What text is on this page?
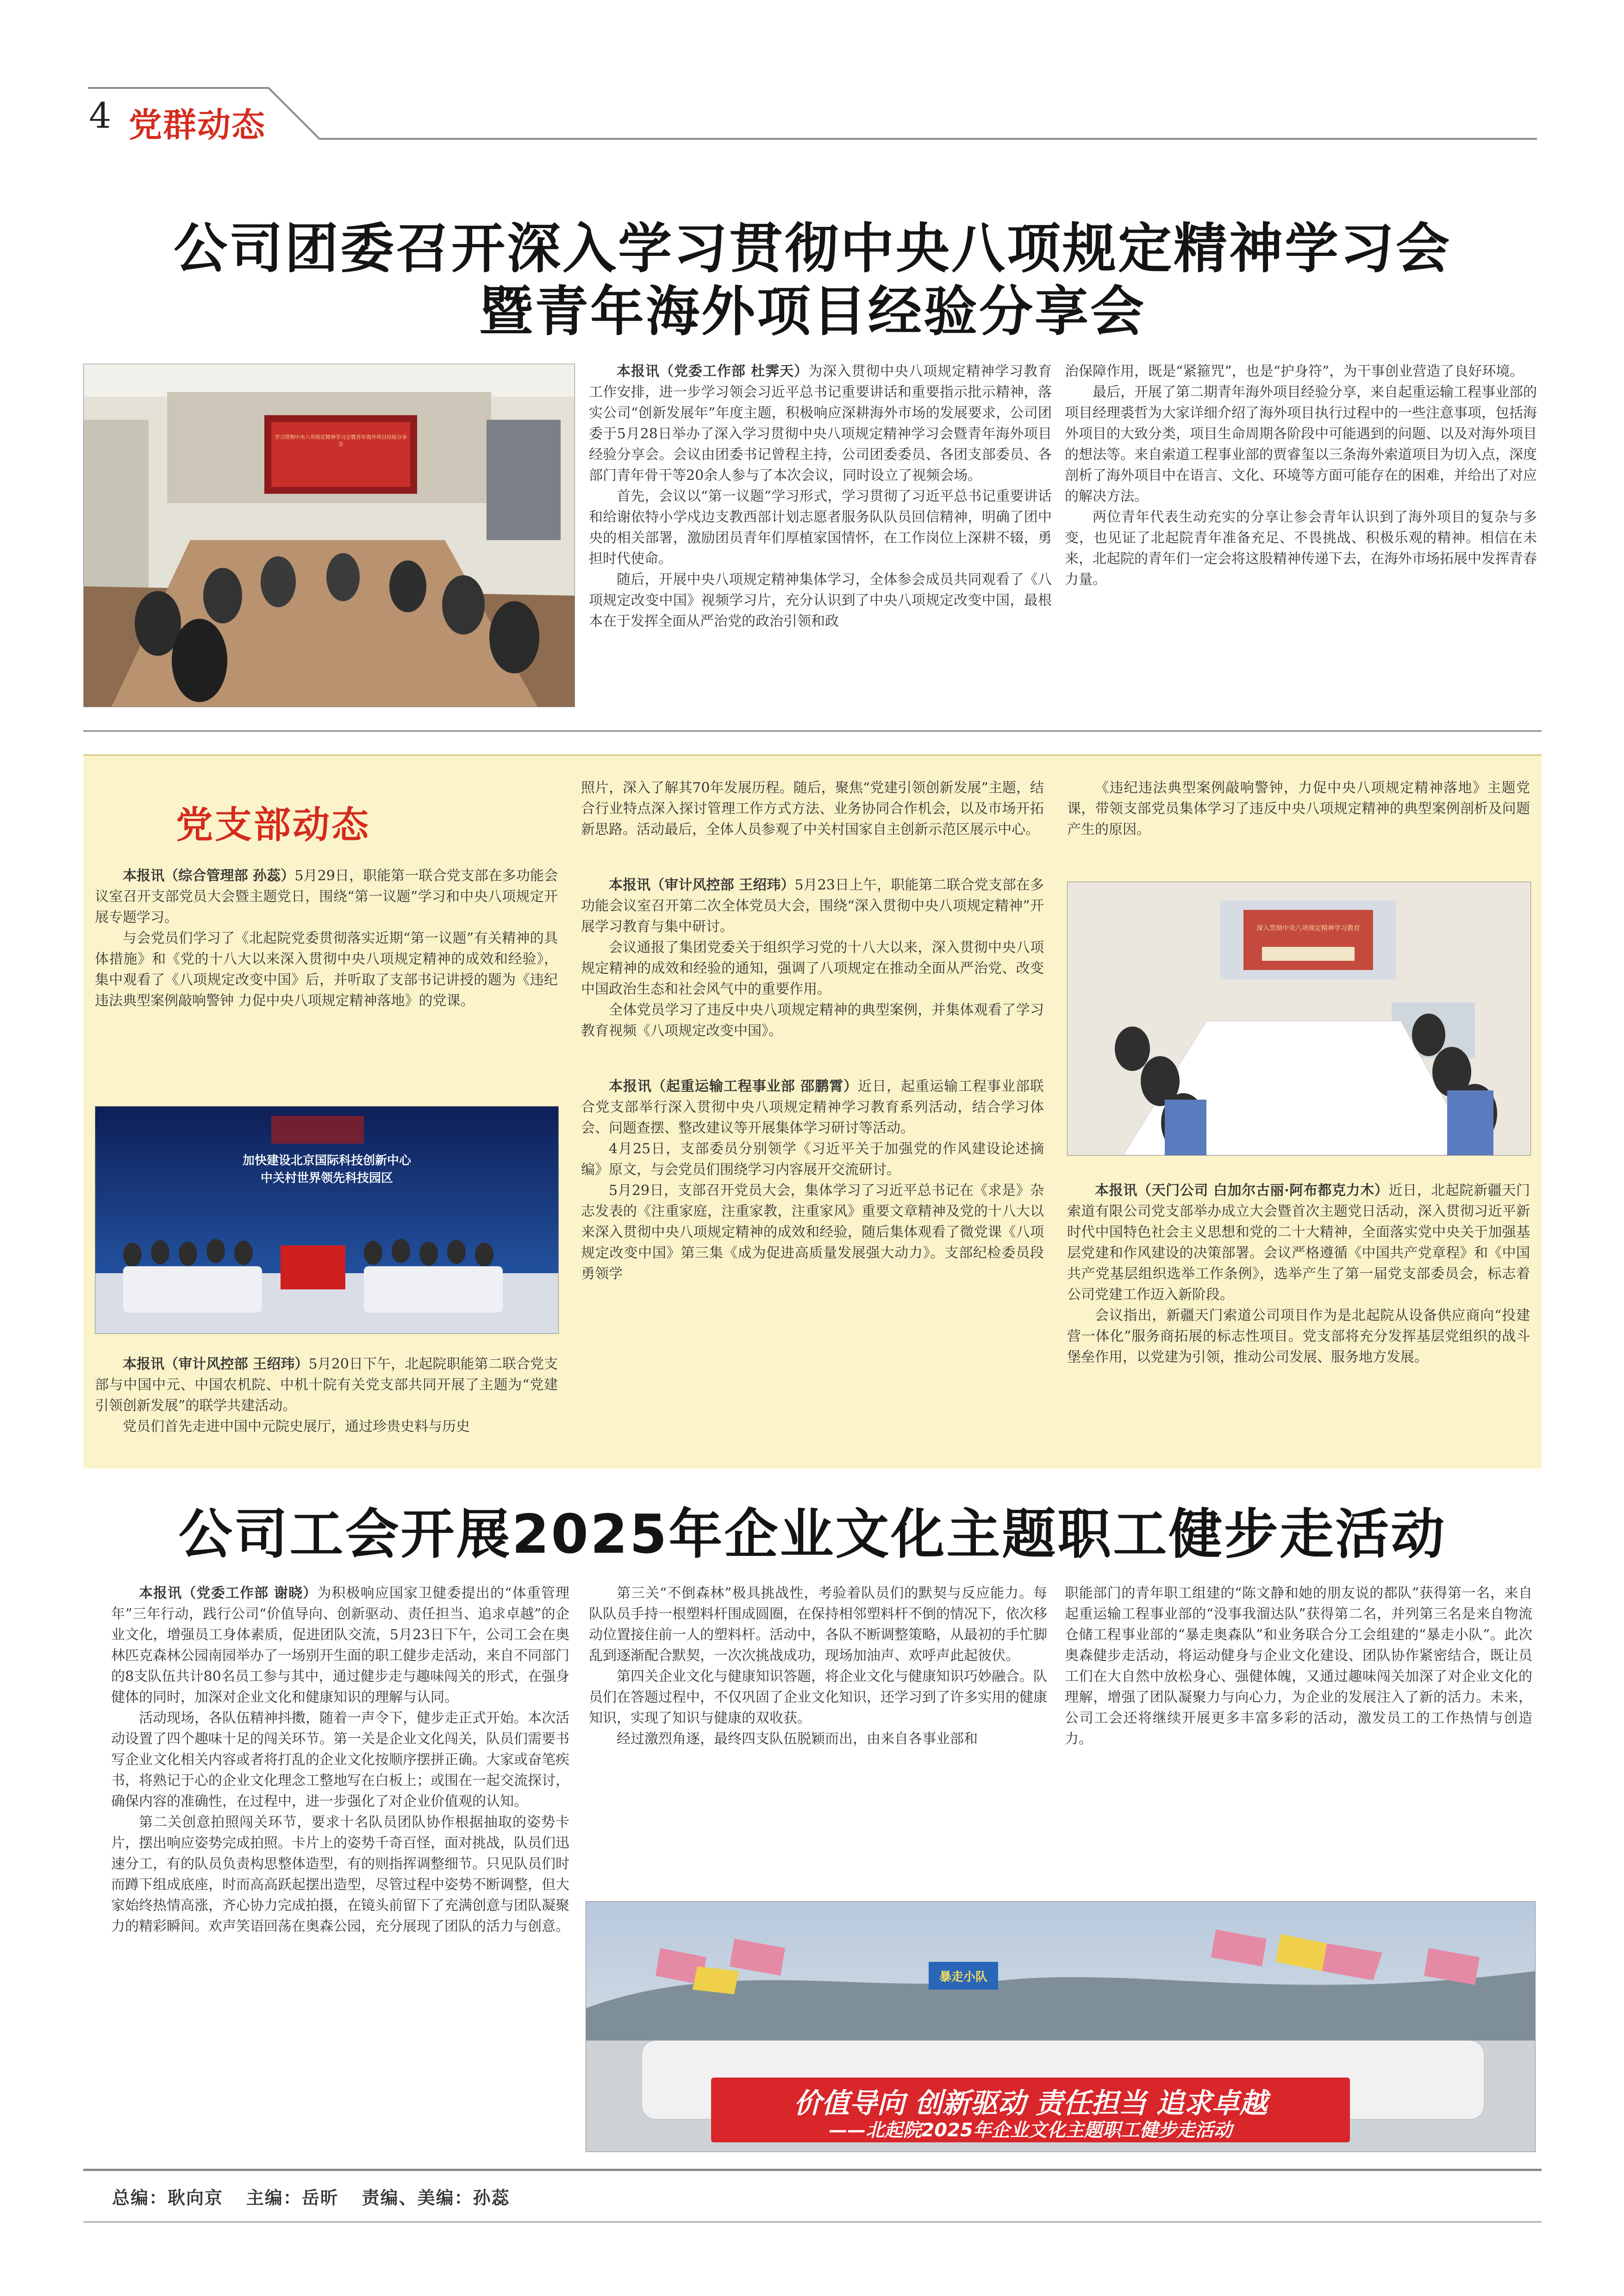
4 党群动态

公司团委召开深入学习贯彻中央八项规定精神学习会

暨青年海外项目经验分享会

学习贯彻中央八项规定精神学习会暨青年海外项目经验分享会

本报讯（党委工作部 杜霁天）为深入贯彻中央八项规定精神学习教育工作安排，进一步学习领会习近平总书记重要讲话和重要指示批示精神，落实公司“创新发展年”年度主题，积极响应深耕海外市场的发展要求，公司团委于5月28日举办了深入学习贯彻中央八项规定精神学习会暨青年海外项目经验分享会。会议由团委书记曾程主持，公司团委委员、各团支部委员、各部门青年骨干等20余人参与了本次会议，同时设立了视频会场。

首先，会议以“第一议题”学习形式，学习贯彻了习近平总书记重要讲话和给谢依特小学戍边支教西部计划志愿者服务队队员回信精神，明确了团中央的相关部署，激励团员青年们厚植家国情怀，在工作岗位上深耕不辍，勇担时代使命。

随后，开展中央八项规定精神集体学习，全体参会成员共同观看了《八项规定改变中国》视频学习片，充分认识到了中央八项规定改变中国，最根本在于发挥全面从严治党的政治引领和政

治保障作用，既是“紧箍咒”，也是“护身符”，为干事创业营造了良好环境。

最后，开展了第二期青年海外项目经验分享，来自起重运输工程事业部的项目经理裘哲为大家详细介绍了海外项目执行过程中的一些注意事项，包括海外项目的大致分类，项目生命周期各阶段中可能遇到的问题、以及对海外项目的想法等。来自索道工程事业部的贾睿玺以三条海外索道项目为切入点，深度剖析了海外项目中在语言、文化、环境等方面可能存在的困难，并给出了对应的解决方法。

两位青年代表生动充实的分享让参会青年认识到了海外项目的复杂与多变，也见证了北起院青年准备充足、不畏挑战、积极乐观的精神。相信在未来，北起院的青年们一定会将这股精神传递下去，在海外市场拓展中发挥青春力量。

党支部动态

本报讯（综合管理部 孙蕊）5月29日，职能第一联合党支部在多功能会议室召开支部党员大会暨主题党日，围绕“第一议题”学习和中央八项规定开展专题学习。

与会党员们学习了《北起院党委贯彻落实近期“第一议题”有关精神的具体措施》和《党的十八大以来深入贯彻中央八项规定精神的成效和经验》，集中观看了《八项规定改变中国》后，并听取了支部书记讲授的题为《违纪违法典型案例敲响警钟 力促中央八项规定精神落地》的党课。

加快建设北京国际科技创新中心
中关村世界领先科技园区

本报讯（审计风控部 王绍玮）5月20日下午，北起院职能第二联合党支部与中国中元、中国农机院、中机十院有关党支部共同开展了主题为“党建引领创新发展”的联学共建活动。

党员们首先走进中国中元院史展厅，通过珍贵史料与历史

照片，深入了解其70年发展历程。随后，聚焦“党建引领创新发展”主题，结合行业特点深入探讨管理工作方式方法、业务协同合作机会，以及市场开拓新思路。活动最后，全体人员参观了中关村国家自主创新示范区展示中心。

本报讯（审计风控部 王绍玮）5月23日上午，职能第二联合党支部在多功能会议室召开第二次全体党员大会，围绕“深入贯彻中央八项规定精神”开展学习教育与集中研讨。

会议通报了集团党委关于组织学习党的十八大以来，深入贯彻中央八项规定精神的成效和经验的通知，强调了八项规定在推动全面从严治党、改变中国政治生态和社会风气中的重要作用。

全体党员学习了违反中央八项规定精神的典型案例，并集体观看了学习教育视频《八项规定改变中国》。

本报讯（起重运输工程事业部 邵鹏霄）近日，起重运输工程事业部联合党支部举行深入贯彻中央八项规定精神学习教育系列活动，结合学习体会、问题查摆、整改建议等开展集体学习研讨等活动。

4月25日，支部委员分别领学《习近平关于加强党的作风建设论述摘编》原文，与会党员们围绕学习内容展开交流研讨。

5月29日，支部召开党员大会，集体学习了习近平总书记在《求是》杂志发表的《注重家庭，注重家教，注重家风》重要文章精神及党的十八大以来深入贯彻中央八项规定精神的成效和经验，随后集体观看了微党课《八项规定改变中国》第三集《成为促进高质量发展强大动力》。支部纪检委员段勇领学

《违纪违法典型案例敲响警钟，力促中央八项规定精神落地》主题党课，带领支部党员集体学习了违反中央八项规定精神的典型案例剖析及问题产生的原因。

深入贯彻中央八项规定精神学习教育

本报讯（天门公司 白加尔古丽·阿布都克力木）近日，北起院新疆天门索道有限公司党支部举办成立大会暨首次主题党日活动，深入贯彻习近平新时代中国特色社会主义思想和党的二十大精神，全面落实党中央关于加强基层党建和作风建设的决策部署。会议严格遵循《中国共产党章程》和《中国共产党基层组织选举工作条例》，选举产生了第一届党支部委员会，标志着公司党建工作迈入新阶段。

会议指出，新疆天门索道公司项目作为是北起院从设备供应商向“投建营一体化”服务商拓展的标志性项目。党支部将充分发挥基层党组织的战斗堡垒作用，以党建为引领，推动公司发展、服务地方发展。

公司工会开展2025年企业文化主题职工健步走活动

本报讯（党委工作部 谢晓）为积极响应国家卫健委提出的“体重管理年”三年行动，践行公司“价值导向、创新驱动、责任担当、追求卓越”的企业文化，增强员工身体素质，促进团队交流，5月23日下午，公司工会在奥林匹克森林公园南园举办了一场别开生面的职工健步走活动，来自不同部门的8支队伍共计80名员工参与其中，通过健步走与趣味闯关的形式，在强身健体的同时，加深对企业文化和健康知识的理解与认同。

活动现场，各队伍精神抖擞，随着一声令下，健步走正式开始。本次活动设置了四个趣味十足的闯关环节。第一关是企业文化闯关，队员们需要书写企业文化相关内容或者将打乱的企业文化按顺序摆拼正确。大家或奋笔疾书，将熟记于心的企业文化理念工整地写在白板上；或围在一起交流探讨，确保内容的准确性，在过程中，进一步强化了对企业价值观的认知。

第二关创意拍照闯关环节，要求十名队员团队协作根据抽取的姿势卡片，摆出响应姿势完成拍照。卡片上的姿势千奇百怪，面对挑战，队员们迅速分工，有的队员负责构思整体造型，有的则指挥调整细节。只见队员们时而蹲下组成底座，时而高高跃起摆出造型，尽管过程中姿势不断调整，但大家始终热情高涨，齐心协力完成拍摄，在镜头前留下了充满创意与团队凝聚力的精彩瞬间。欢声笑语回荡在奥森公园，充分展现了团队的活力与创意。

第三关“不倒森林”极具挑战性，考验着队员们的默契与反应能力。每队队员手持一根塑料杆围成圆圈，在保持相邻塑料杆不倒的情况下，依次移动位置接住前一人的塑料杆。活动中，各队不断调整策略，从最初的手忙脚乱到逐渐配合默契，一次次挑战成功，现场加油声、欢呼声此起彼伏。

第四关企业文化与健康知识答题，将企业文化与健康知识巧妙融合。队员们在答题过程中，不仅巩固了企业文化知识，还学习到了许多实用的健康知识，实现了知识与健康的双收获。

经过激烈角逐，最终四支队伍脱颖而出，由来自各事业部和

职能部门的青年职工组建的“陈文静和她的朋友说的都队”获得第一名，来自起重运输工程事业部的“没事我溜达队”获得第二名，并列第三名是来自物流仓储工程事业部的“暴走奥森队”和业务联合分工会组建的“暴走小队”。此次奥森健步走活动，将运动健身与企业文化建设、团队协作紧密结合，既让员工们在大自然中放松身心、强健体魄，又通过趣味闯关加深了对企业文化的理解，增强了团队凝聚力与向心力，为企业的发展注入了新的活力。未来，公司工会还将继续开展更多丰富多彩的活动，激发员工的工作热情与创造力。

暴走小队
价值导向 创新驱动 责任担当 追求卓越
——北起院2025年企业文化主题职工健步走活动
总编：耿向京  主编：岳昕  责编、美编：孙蕊
